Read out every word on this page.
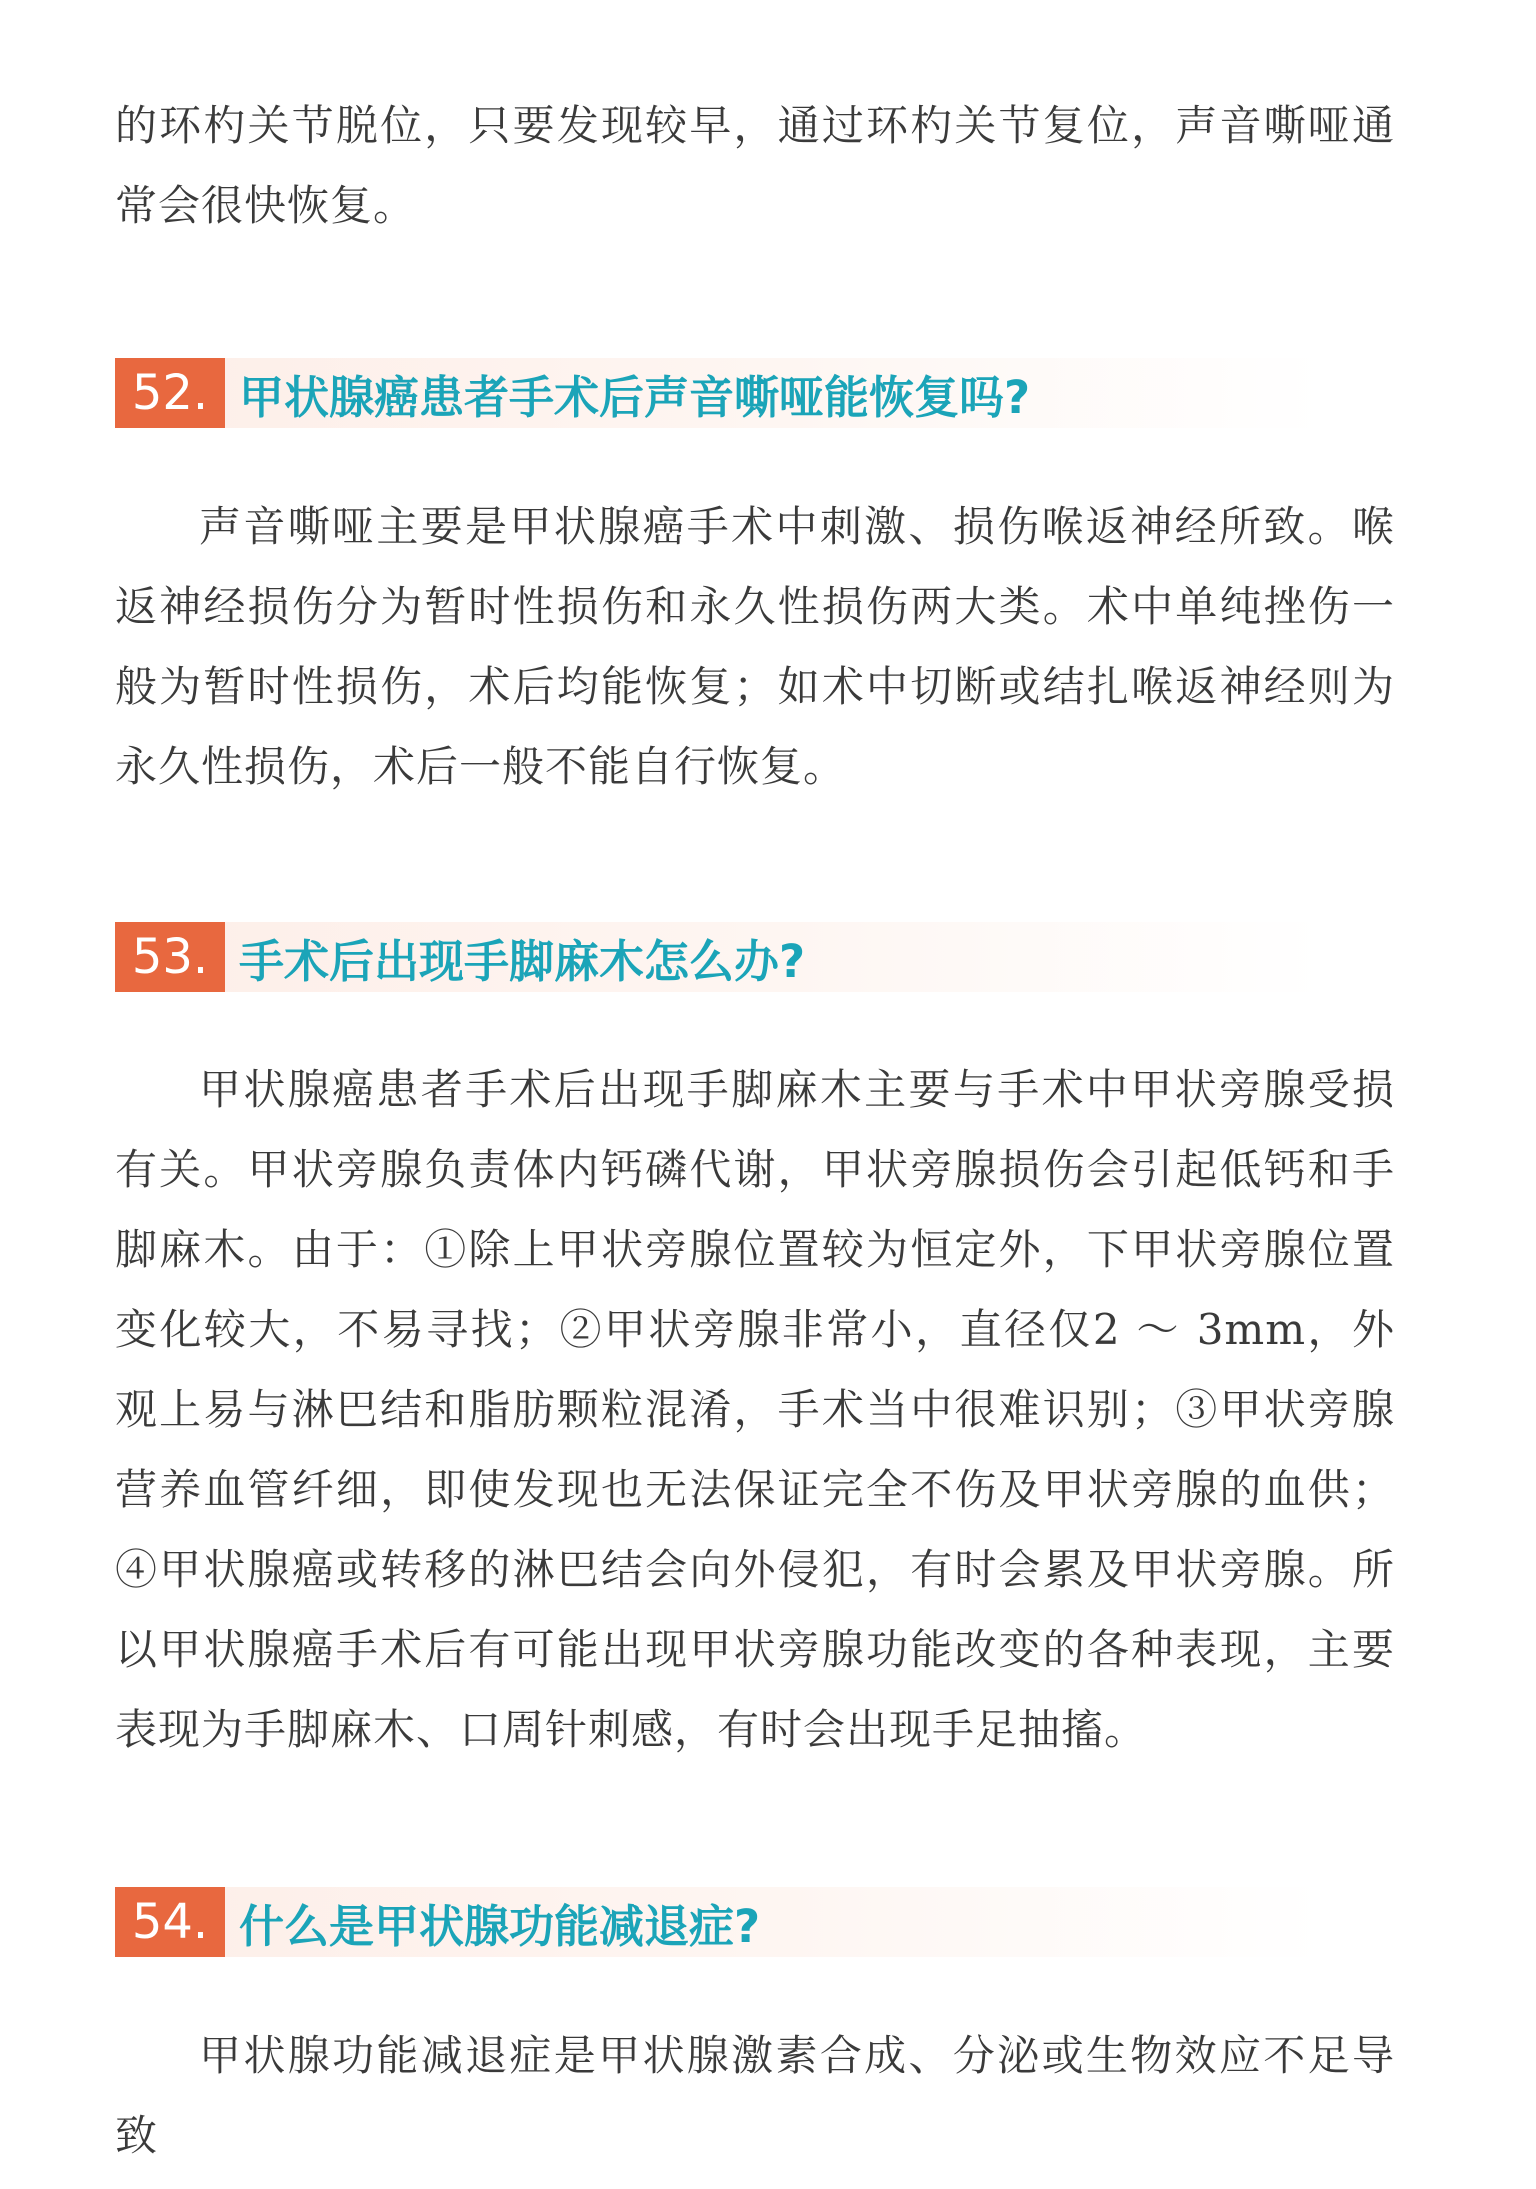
的环杓关节脱位，只要发现较早，通过环杓关节复位，声音嘶哑通常会很快恢复。

52. 甲状腺癌患者手术后声音嘶哑能恢复吗?

声音嘶哑主要是甲状腺癌手术中刺激、损伤喉返神经所致。喉返神经损伤分为暂时性损伤和永久性损伤两大类。术中单纯挫伤一般为暂时性损伤，术后均能恢复；如术中切断或结扎喉返神经则为永久性损伤，术后一般不能自行恢复。

53. 手术后出现手脚麻木怎么办?

甲状腺癌患者手术后出现手脚麻木主要与手术中甲状旁腺受损有关。甲状旁腺负责体内钙磷代谢，甲状旁腺损伤会引起低钙和手脚麻木。由于：①除上甲状旁腺位置较为恒定外，下甲状旁腺位置变化较大，不易寻找；②甲状旁腺非常小，直径仅2 ～ 3mm，外观上易与淋巴结和脂肪颗粒混淆，手术当中很难识别；③甲状旁腺营养血管纤细，即使发现也无法保证完全不伤及甲状旁腺的血供；④甲状腺癌或转移的淋巴结会向外侵犯，有时会累及甲状旁腺。所以甲状腺癌手术后有可能出现甲状旁腺功能改变的各种表现，主要表现为手脚麻木、口周针刺感，有时会出现手足抽搐。

54. 什么是甲状腺功能减退症?

甲状腺功能减退症是甲状腺激素合成、分泌或生物效应不足导致
